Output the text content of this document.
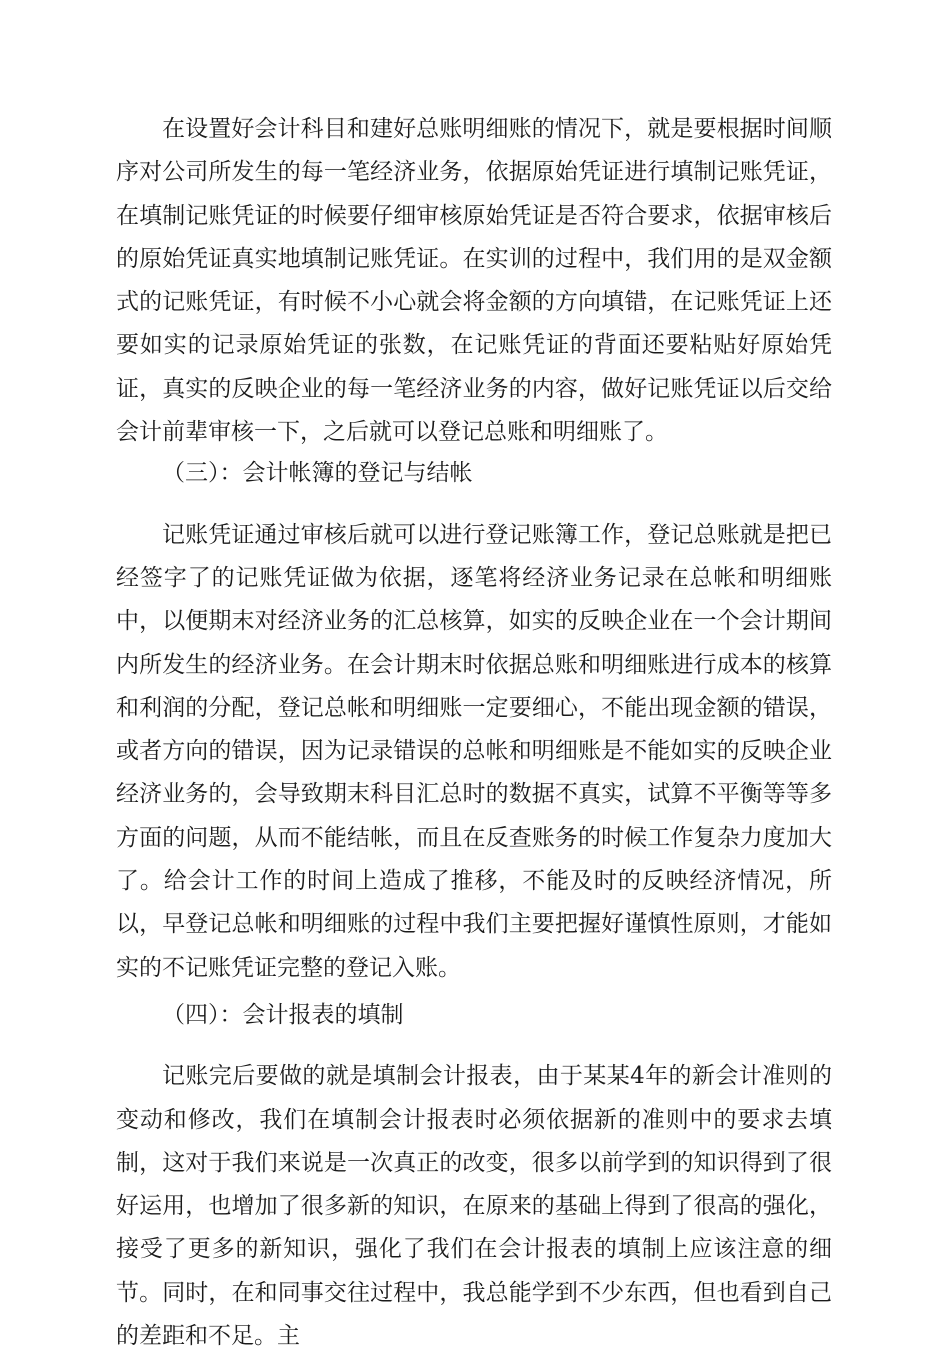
在设置好会计科目和建好总账明细账的情况下，就是要根据时间顺序对公司所发生的每一笔经济业务，依据原始凭证进行填制记账凭证，在填制记账凭证的时候要仔细审核原始凭证是否符合要求，依据审核后的原始凭证真实地填制记账凭证。在实训的过程中，我们用的是双金额式的记账凭证，有时候不小心就会将金额的方向填错，在记账凭证上还要如实的记录原始凭证的张数，在记账凭证的背面还要粘贴好原始凭证，真实的反映企业的每一笔经济业务的内容，做好记账凭证以后交给会计前辈审核一下，之后就可以登记总账和明细账了。

（三）：会计帐簿的登记与结帐

记账凭证通过审核后就可以进行登记账簿工作，登记总账就是把已经签字了的记账凭证做为依据，逐笔将经济业务记录在总帐和明细账中，以便期末对经济业务的汇总核算，如实的反映企业在一个会计期间内所发生的经济业务。在会计期末时依据总账和明细账进行成本的核算和利润的分配，登记总帐和明细账一定要细心，不能出现金额的错误，或者方向的错误，因为记录错误的总帐和明细账是不能如实的反映企业经济业务的，会导致期末科目汇总时的数据不真实，试算不平衡等等多方面的问题，从而不能结帐，而且在反查账务的时候工作复杂力度加大了。给会计工作的时间上造成了推移，不能及时的反映经济情况，所以，早登记总帐和明细账的过程中我们主要把握好谨慎性原则，才能如实的不记账凭证完整的登记入账。

（四）：会计报表的填制

记账完后要做的就是填制会计报表，由于某某4年的新会计准则的变动和修改，我们在填制会计报表时必须依据新的准则中的要求去填制，这对于我们来说是一次真正的改变，很多以前学到的知识得到了很好运用，也增加了很多新的知识，在原来的基础上得到了很高的强化，接受了更多的新知识，强化了我们在会计报表的填制上应该注意的细节。同时，在和同事交往过程中，我总能学到不少东西，但也看到自己的差距和不足。主
